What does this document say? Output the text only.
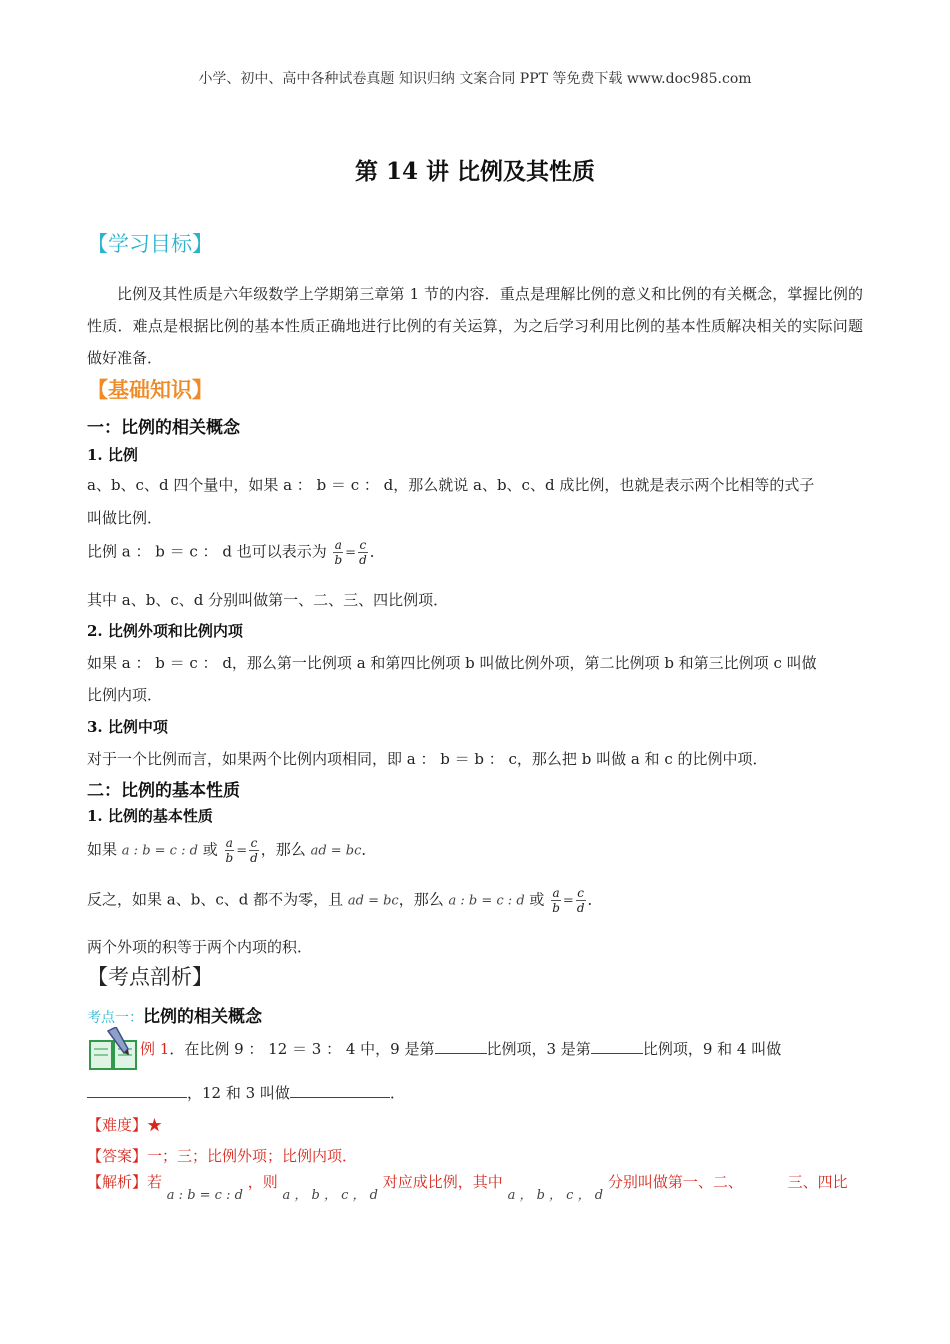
小学、初中、高中各种试卷真题 知识归纳 文案合同 PPT 等免费下载 www.doc985.com
第 14 讲 比例及其性质
【学习目标】
比例及其性质是六年级数学上学期第三章第 1 节的内容．重点是理解比例的意义和比例的有关概念，掌握比例的性质．难点是根据比例的基本性质正确地进行比例的有关运算，为之后学习利用比例的基本性质解决相关的实际问题做好准备．
【基础知识】
一：比例的相关概念
1. 比例
a、b、c、d 四个量中，如果 a ： b ＝ c ： d，那么就说 a、b、c、d 成比例，也就是表示两个比相等的式子
叫做比例．
比例 a ： b ＝ c ： d 也可以表示为 $\frac{a}{b} = \frac{c}{d}$ ．
其中 a、b、c、d 分别叫做第一、二、三、四比例项．
2. 比例外项和比例内项
如果 a ： b ＝ c ： d，那么第一比例项 a 和第四比例项 b 叫做比例外项，第二比例项 b 和第三比例项 c 叫做
比例内项．
3. 比例中项
对于一个比例而言，如果两个比例内项相同，即 a ： b ＝ b ： c，那么把 b 叫做 a 和 c 的比例中项．
二：比例的基本性质
1. 比例的基本性质
如果 a : b = c : d 或 $\frac{a}{b} = \frac{c}{d}$ ，那么 ad = bc．
反之，如果 a、b、c、d 都不为零，且 ad = bc，那么 a : b = c : d 或 $\frac{a}{b} = \frac{c}{d}$ ．
两个外项的积等于两个内项的积．
【考点剖析】
考点一：比例的相关概念
例 1．在比例 9 ： 12 ＝ 3 ： 4 中，9 是第	比例项，3 是第	比例项，9 和 4 叫做
，12 和 3 叫做	．
【难度】★
【答案】一；三；比例外项；比例内项．
【解析】若 a : b = c : d ，则 a ， b ， c ， d 对应成比例，其中 a ， b ， c ， d 分别叫做第一、二、	三、四比
